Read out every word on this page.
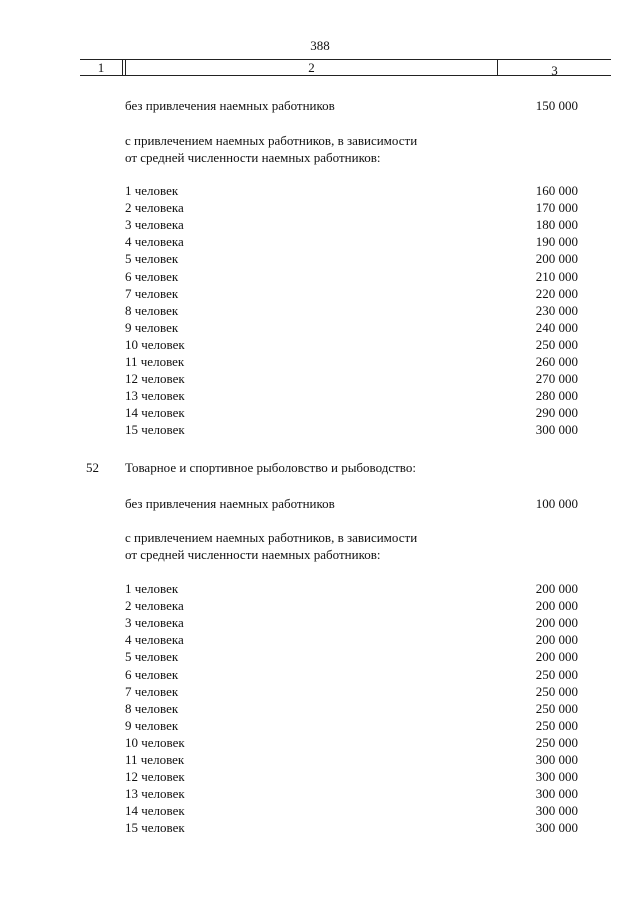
388
1	2	3
без привлечения наемных работников	150 000
с привлечением наемных работников, в зависимости
от средней численности наемных работников:
1 человек	160 000
2 человека	170 000
3 человека	180 000
4 человека	190 000
5 человек	200 000
6 человек	210 000
7 человек	220 000
8 человек	230 000
9 человек	240 000
10 человек	250 000
11 человек	260 000
12 человек	270 000
13 человек	280 000
14 человек	290 000
15 человек	300 000
52 Товарное и спортивное рыболовство и рыбоводство:
без привлечения наемных работников	100 000
с привлечением наемных работников, в зависимости
от средней численности наемных работников:
1 человек	200 000
2 человека	200 000
3 человека	200 000
4 человека	200 000
5 человек	200 000
6 человек	250 000
7 человек	250 000
8 человек	250 000
9 человек	250 000
10 человек	250 000
11 человек	300 000
12 человек	300 000
13 человек	300 000
14 человек	300 000
15 человек	300 000
